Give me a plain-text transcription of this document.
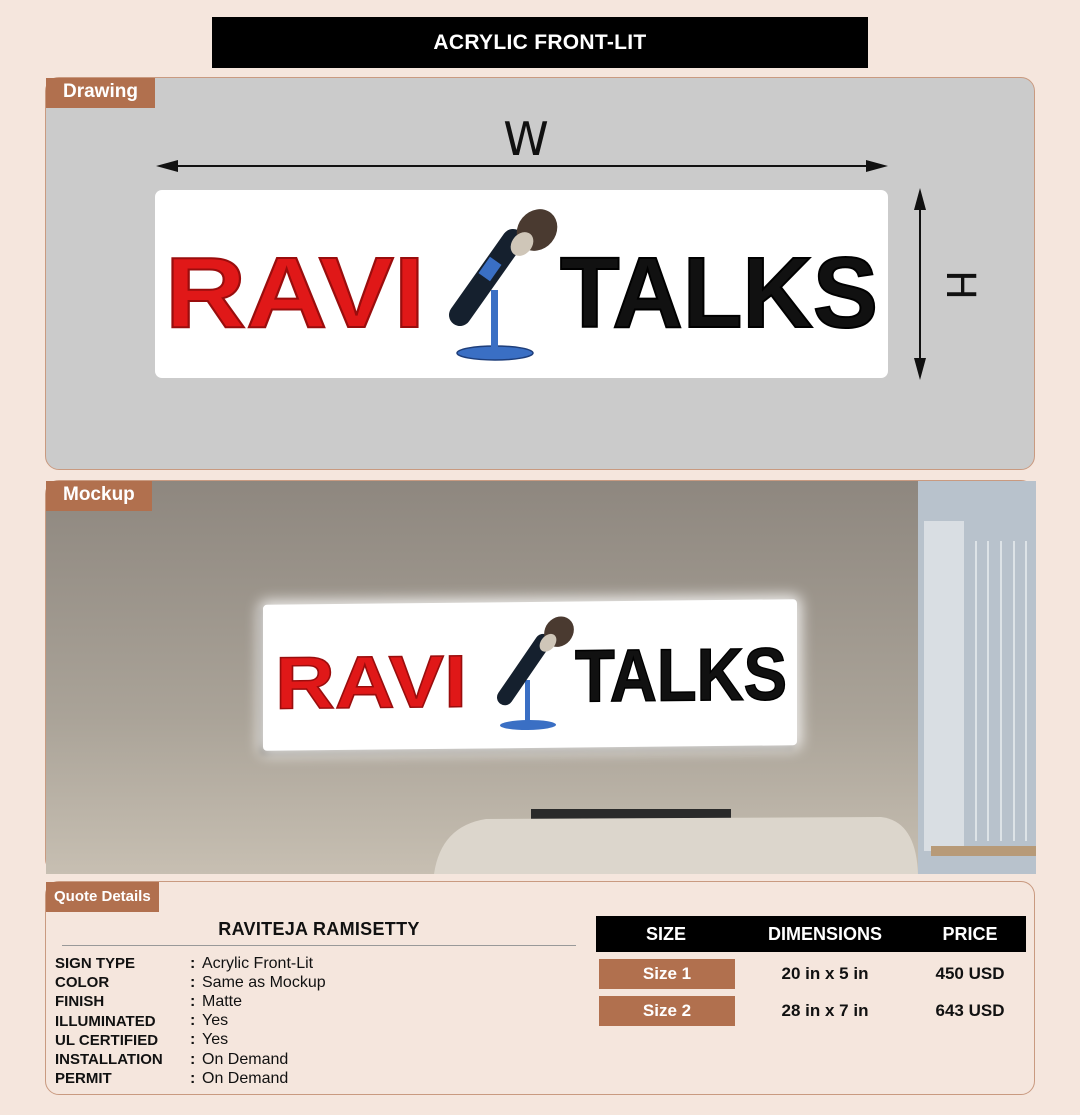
ACRYLIC FRONT-LIT
Drawing
W
H
RAVI TALKS
Mockup
RAVI TALKS
Quote Details
RAVITEJA RAMISETTY
SIGN TYPE	: Acrylic Front-Lit
COLOR	: Same as Mockup
FINISH	: Matte
ILLUMINATED	: Yes
UL CERTIFIED	: Yes
INSTALLATION	: On Demand
PERMIT	: On Demand
SIZE	DIMENSIONS	PRICE
Size 1	20 in x 5 in	450 USD
Size 2	28 in x 7 in	643 USD
